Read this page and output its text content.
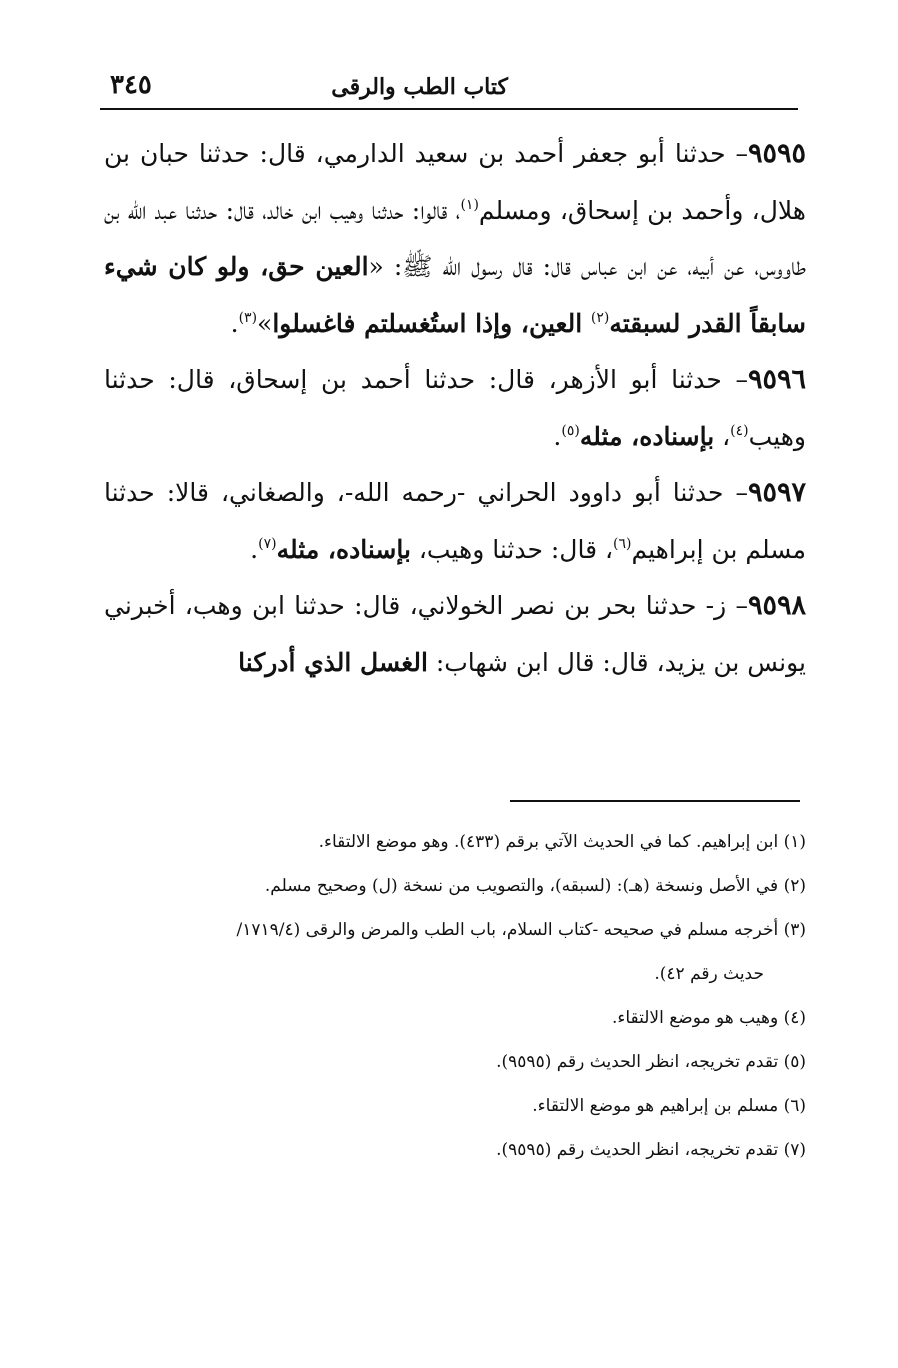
كتاب الطب والرقى
٣٤٥

٩٥٩٥– حدثنا أبو جعفر أحمد بن سعيد الدارمي، قال: حدثنا حبان بن هلال، وأحمد بن إسحاق، ومسلم$^{(١)}$، قالوا: حدثنا وهيب ابن خالد، قال: حدثنا عبد الله بن طاووس، عن أبيه، عن ابن عباس قال: قال رسول الله ﷺ: «العين حق، ولو كان شيء سابقاً القدر لسبقته$^{(٢)}$ العين، وإذا استُغسلتم فاغسلوا»$^{(٣)}$.

٩٥٩٦– حدثنا أبو الأزهر، قال: حدثنا أحمد بن إسحاق، قال: حدثنا وهيب$^{(٤)}$، بإسناده، مثله$^{(٥)}$.

٩٥٩٧– حدثنا أبو داوود الحراني -رحمه الله-، والصغاني، قالا: حدثنا مسلم بن إبراهيم$^{(٦)}$، قال: حدثنا وهيب، بإسناده، مثله$^{(٧)}$.

٩٥٩٨– ز- حدثنا بحر بن نصر الخولاني، قال: حدثنا ابن وهب، أخبرني يونس بن يزيد، قال: قال ابن شهاب: الغسل الذي أدركنا

(١) ابن إبراهيم. كما في الحديث الآتي برقم (٤٣٣). وهو موضع الالتقاء.

(٢) في الأصل ونسخة (هـ): (لسبقه)، والتصويب من نسخة (ل) وصحيح مسلم.

(٣) أخرجه مسلم في صحيحه -كتاب السلام، باب الطب والمرض والرقى (١٧١٩/٤/

حديث رقم ٤٢).

(٤) وهيب هو موضع الالتقاء.

(٥) تقدم تخريجه، انظر الحديث رقم (٩٥٩٥).

(٦) مسلم بن إبراهيم هو موضع الالتقاء.

(٧) تقدم تخريجه، انظر الحديث رقم (٩٥٩٥).
